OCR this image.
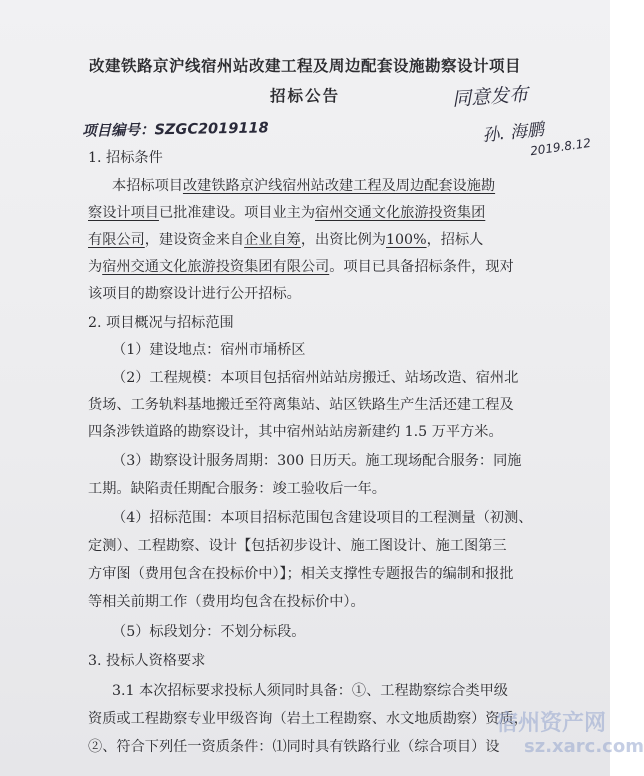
改建铁路京沪线宿州站改建工程及周边配套设施勘察设计项目
招标公告	同意发布
项目编号：SZGC2019118	孙. 海鹏
2019.8.12
1. 招标条件
本招标项目改建铁路京沪线宿州站改建工程及周边配套设施勘
察设计项目已批准建设。项目业主为宿州交通文化旅游投资集团
有限公司，建设资金来自企业自筹，出资比例为100%，招标人
为宿州交通文化旅游投资集团有限公司。项目已具备招标条件，现对
该项目的勘察设计进行公开招标。
2. 项目概况与招标范围
（1）建设地点：宿州市埇桥区
（2）工程规模：本项目包括宿州站站房搬迁、站场改造、宿州北
货场、工务轨料基地搬迁至符离集站、站区铁路生产生活还建工程及
四条涉铁道路的勘察设计，其中宿州站站房新建约 1.5 万平方米。
（3）勘察设计服务周期：300 日历天。施工现场配合服务：同施
工期。缺陷责任期配合服务：竣工验收后一年。
（4）招标范围：本项目招标范围包含建设项目的工程测量（初测、
定测）、工程勘察、设计【包括初步设计、施工图设计、施工图第三
方审图（费用包含在投标价中）】；相关支撑性专题报告的编制和报批
等相关前期工作（费用均包含在投标价中）。
（5）标段划分：不划分标段。
3. 投标人资格要求
3.1 本次招标要求投标人须同时具备：①、工程勘察综合类甲级
资质或工程勘察专业甲级咨询（岩土工程勘察、水文地质勘察）资质，
②、符合下列任一资质条件：⑴同时具有铁路行业（综合项目）设
宿州资产网
sz.xarc.com
